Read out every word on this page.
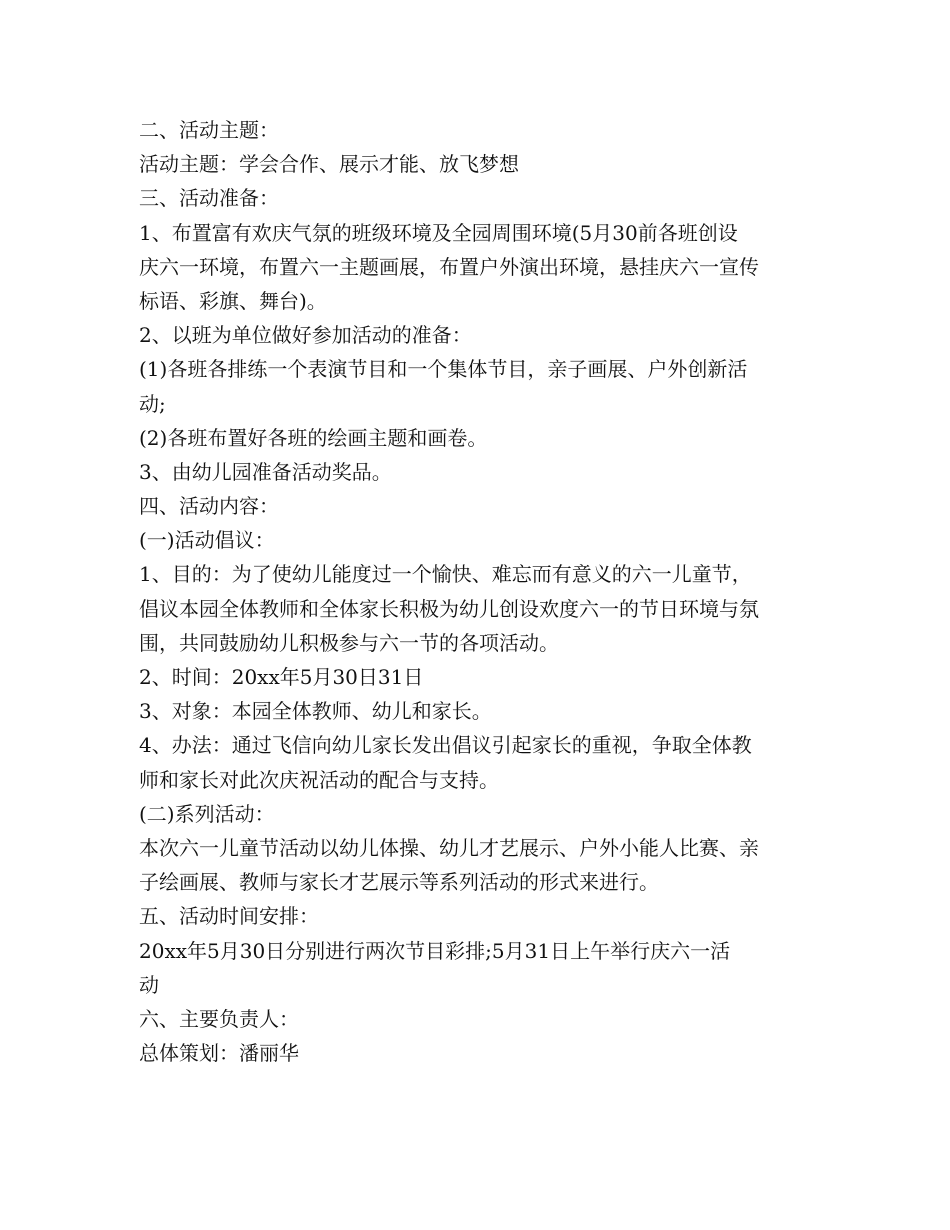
二、活动主题：
活动主题：学会合作、展示才能、放飞梦想
三、活动准备：
1、布置富有欢庆气氛的班级环境及全园周围环境(5月30前各班创设
庆六一环境，布置六一主题画展，布置户外演出环境，悬挂庆六一宣传
标语、彩旗、舞台)。
2、以班为单位做好参加活动的准备：
(1)各班各排练一个表演节目和一个集体节目，亲子画展、户外创新活
动;
(2)各班布置好各班的绘画主题和画卷。
3、由幼儿园准备活动奖品。
四、活动内容：
(一)活动倡议：
1、目的：为了使幼儿能度过一个愉快、难忘而有意义的六一儿童节，
倡议本园全体教师和全体家长积极为幼儿创设欢度六一的节日环境与氛
围，共同鼓励幼儿积极参与六一节的各项活动。
2、时间：20xx年5月30日31日
3、对象：本园全体教师、幼儿和家长。
4、办法：通过飞信向幼儿家长发出倡议引起家长的重视，争取全体教
师和家长对此次庆祝活动的配合与支持。
(二)系列活动：
本次六一儿童节活动以幼儿体操、幼儿才艺展示、户外小能人比赛、亲
子绘画展、教师与家长才艺展示等系列活动的形式来进行。
五、活动时间安排：
20xx年5月30日分别进行两次节目彩排;5月31日上午举行庆六一活
动
六、主要负责人：
总体策划：潘丽华
